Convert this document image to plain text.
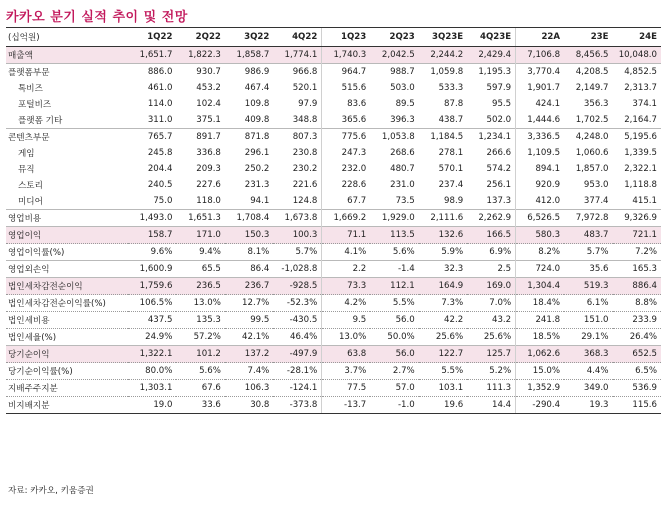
카카오 분기 실적 추이 및 전망
(십억원)	1Q22	2Q22	3Q22	4Q22	1Q23	2Q23	3Q23E	4Q23E	22A	23E	24E
매출액	1,651.7	1,822.3	1,858.7	1,774.1	1,740.3	2,042.5	2,244.2	2,429.4	7,106.8	8,456.5	10,048.0
플랫폼부문	886.0	930.7	986.9	966.8	964.7	988.7	1,059.8	1,195.3	3,770.4	4,208.5	4,852.5
톡비즈	461.0	453.2	467.4	520.1	515.6	503.0	533.3	597.9	1,901.7	2,149.7	2,313.7
포털비즈	114.0	102.4	109.8	97.9	83.6	89.5	87.8	95.5	424.1	356.3	374.1
플랫폼 기타	311.0	375.1	409.8	348.8	365.6	396.3	438.7	502.0	1,444.6	1,702.5	2,164.7
콘텐츠부문	765.7	891.7	871.8	807.3	775.6	1,053.8	1,184.5	1,234.1	3,336.5	4,248.0	5,195.6
게임	245.8	336.8	296.1	230.8	247.3	268.6	278.1	266.6	1,109.5	1,060.6	1,339.5
뮤직	204.4	209.3	250.2	230.2	232.0	480.7	570.1	574.2	894.1	1,857.0	2,322.1
스토리	240.5	227.6	231.3	221.6	228.6	231.0	237.4	256.1	920.9	953.0	1,118.8
미디어	75.0	118.0	94.1	124.8	67.7	73.5	98.9	137.3	412.0	377.4	415.1
영업비용	1,493.0	1,651.3	1,708.4	1,673.8	1,669.2	1,929.0	2,111.6	2,262.9	6,526.5	7,972.8	9,326.9
영업이익	158.7	171.0	150.3	100.3	71.1	113.5	132.6	166.5	580.3	483.7	721.1
영업이익률(%)	9.6%	9.4%	8.1%	5.7%	4.1%	5.6%	5.9%	6.9%	8.2%	5.7%	7.2%
영업외손익	1,600.9	65.5	86.4	-1,028.8	2.2	-1.4	32.3	2.5	724.0	35.6	165.3
법인세차감전순이익	1,759.6	236.5	236.7	-928.5	73.3	112.1	164.9	169.0	1,304.4	519.3	886.4
법인세차감전순이익률(%)	106.5%	13.0%	12.7%	-52.3%	4.2%	5.5%	7.3%	7.0%	18.4%	6.1%	8.8%
법인세비용	437.5	135.3	99.5	-430.5	9.5	56.0	42.2	43.2	241.8	151.0	233.9
법인세율(%)	24.9%	57.2%	42.1%	46.4%	13.0%	50.0%	25.6%	25.6%	18.5%	29.1%	26.4%
당기순이익	1,322.1	101.2	137.2	-497.9	63.8	56.0	122.7	125.7	1,062.6	368.3	652.5
당기순이익률(%)	80.0%	5.6%	7.4%	-28.1%	3.7%	2.7%	5.5%	5.2%	15.0%	4.4%	6.5%
지배주주지분	1,303.1	67.6	106.3	-124.1	77.5	57.0	103.1	111.3	1,352.9	349.0	536.9
비지배지분	19.0	33.6	30.8	-373.8	-13.7	-1.0	19.6	14.4	-290.4	19.3	115.6
자료: 카카오, 키움증권
